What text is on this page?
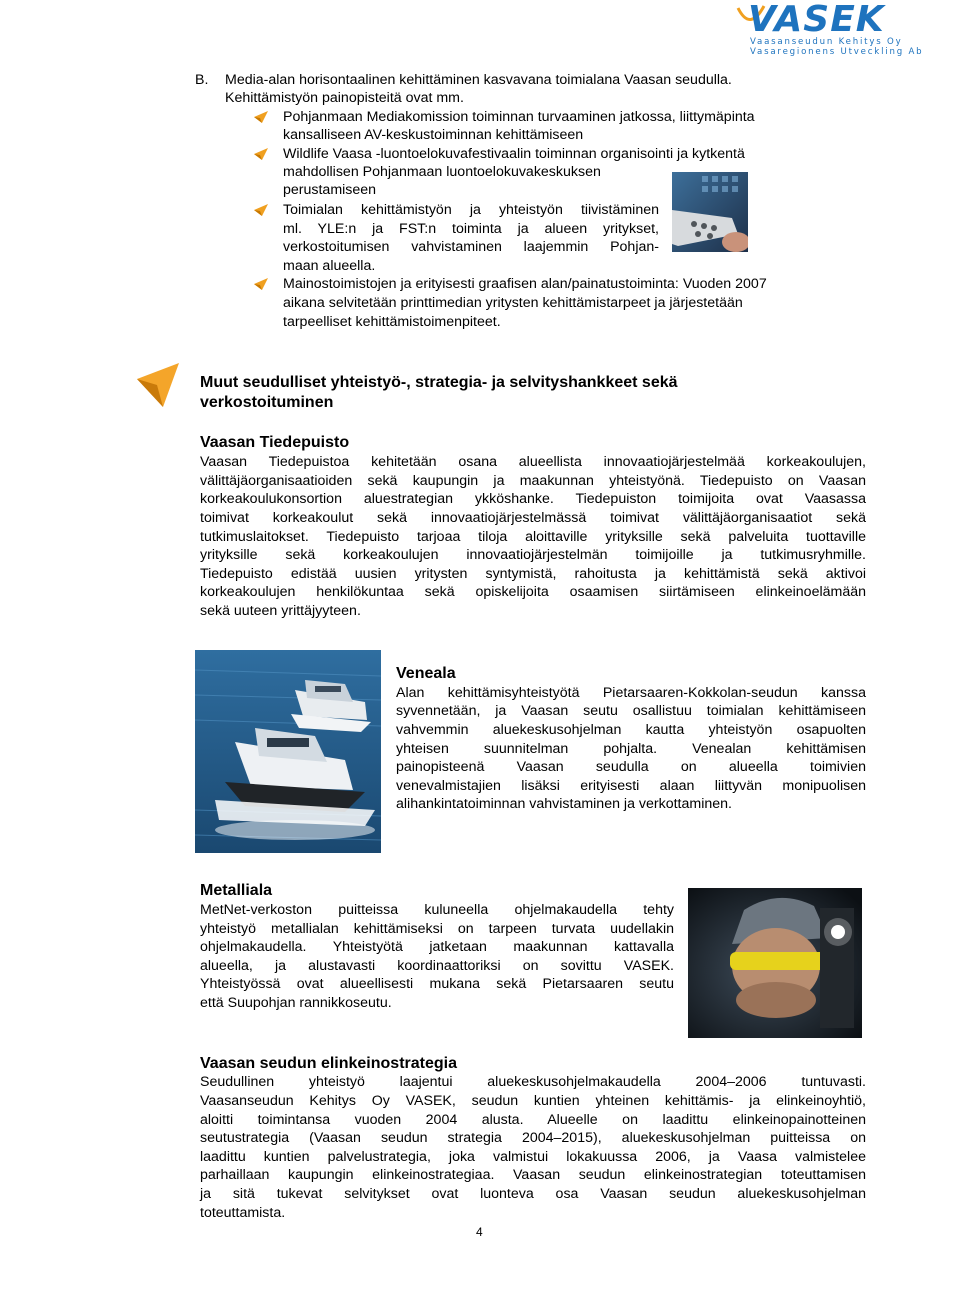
VASEK
Vaasanseudun Kehitys Oy
Vasaregionens Utveckling Ab
B. Media-alan horisontaalinen kehittäminen kasvavana toimialana Vaasan seudulla.
Kehittämistyön painopisteitä ovat mm.
Pohjanmaan Mediakomission toiminnan turvaaminen jatkossa, liittymäpinta
kansalliseen AV-keskustoiminnan kehittämiseen
Wildlife Vaasa -luontoelokuvafestivaalin toiminnan organisointi ja kytkentä
mahdollisen Pohjanmaan luontoelokuvakeskuksen
perustamiseen
Toimialan kehittämistyön ja yhteistyön tiivistäminen
ml. YLE:n ja FST:n toiminta ja alueen yritykset,
verkostoitumisen vahvistaminen laajemmin Pohjan-
maan alueella.
Mainostoimistojen ja erityisesti graafisen alan/painatustoiminta: Vuoden 2007
aikana selvitetään printtimedian yritysten kehittämistarpeet ja järjestetään
tarpeelliset kehittämistoimenpiteet.
Muut seudulliset yhteistyö-, strategia- ja selvityshankkeet sekä
verkostoituminen
Vaasan Tiedepuisto
Vaasan Tiedepuistoa kehitetään osana alueellista innovaatiojärjestelmää korkeakoulujen,
välittäjäorganisaatioiden sekä kaupungin ja maakunnan yhteistyönä. Tiedepuisto on Vaasan
korkeakoulukonsortion aluestrategian ykköshanke. Tiedepuiston toimijoita ovat Vaasassa
toimivat korkeakoulut sekä innovaatiojärjestelmässä toimivat välittäjäorganisaatiot sekä
tutkimuslaitokset. Tiedepuisto tarjoaa tiloja aloittaville yrityksille sekä palveluita tuottaville
yrityksille sekä korkeakoulujen innovaatiojärjestelmän toimijoille ja tutkimusryhmille.
Tiedepuisto edistää uusien yritysten syntymistä, rahoitusta ja kehittämistä sekä aktivoi
korkeakoulujen henkilökuntaa sekä opiskelijoita osaamisen siirtämiseen elinkeinoelämään
sekä uuteen yrittäjyyteen.
Veneala
Alan kehittämisyhteistyötä Pietarsaaren-Kokkolan-seudun kanssa
syvennetään, ja Vaasan seutu osallistuu toimialan kehittämiseen
vahvemmin aluekeskusohjelman kautta yhteistyön osapuolten
yhteisen suunnitelman pohjalta. Venealan kehittämisen
painopisteenä Vaasan seudulla on alueella toimivien
venevalmistajien lisäksi erityisesti alaan liittyvän monipuolisen
alihankintatoiminnan vahvistaminen ja verkottaminen.
Metalliala
MetNet-verkoston puitteissa kuluneella ohjelmakaudella tehty
yhteistyö metallialan kehittämiseksi on tarpeen turvata uudellakin
ohjelmakaudella. Yhteistyötä jatketaan maakunnan kattavalla
alueella, ja alustavasti koordinaattoriksi on sovittu VASEK.
Yhteistyössä ovat alueellisesti mukana sekä Pietarsaaren seutu
että Suupohjan rannikkoseutu.
Vaasan seudun elinkeinostrategia
Seudullinen yhteistyö laajentui aluekeskusohjelmakaudella 2004–2006 tuntuvasti.
Vaasanseudun Kehitys Oy VASEK, seudun kuntien yhteinen kehittämis- ja elinkeinoyhtiö,
aloitti toimintansa vuoden 2004 alusta. Alueelle on laadittu elinkeinopainotteinen
seutustrategia (Vaasan seudun strategia 2004–2015), aluekeskusohjelman puitteissa on
laadittu kuntien palvelustrategia, joka valmistui lokakuussa 2006, ja Vaasa valmistelee
parhaillaan kaupungin elinkeinostrategiaa. Vaasan seudun elinkeinostrategian toteuttamisen
ja sitä tukevat selvitykset ovat luonteva osa Vaasan seudun aluekeskusohjelman
toteuttamista.
4
